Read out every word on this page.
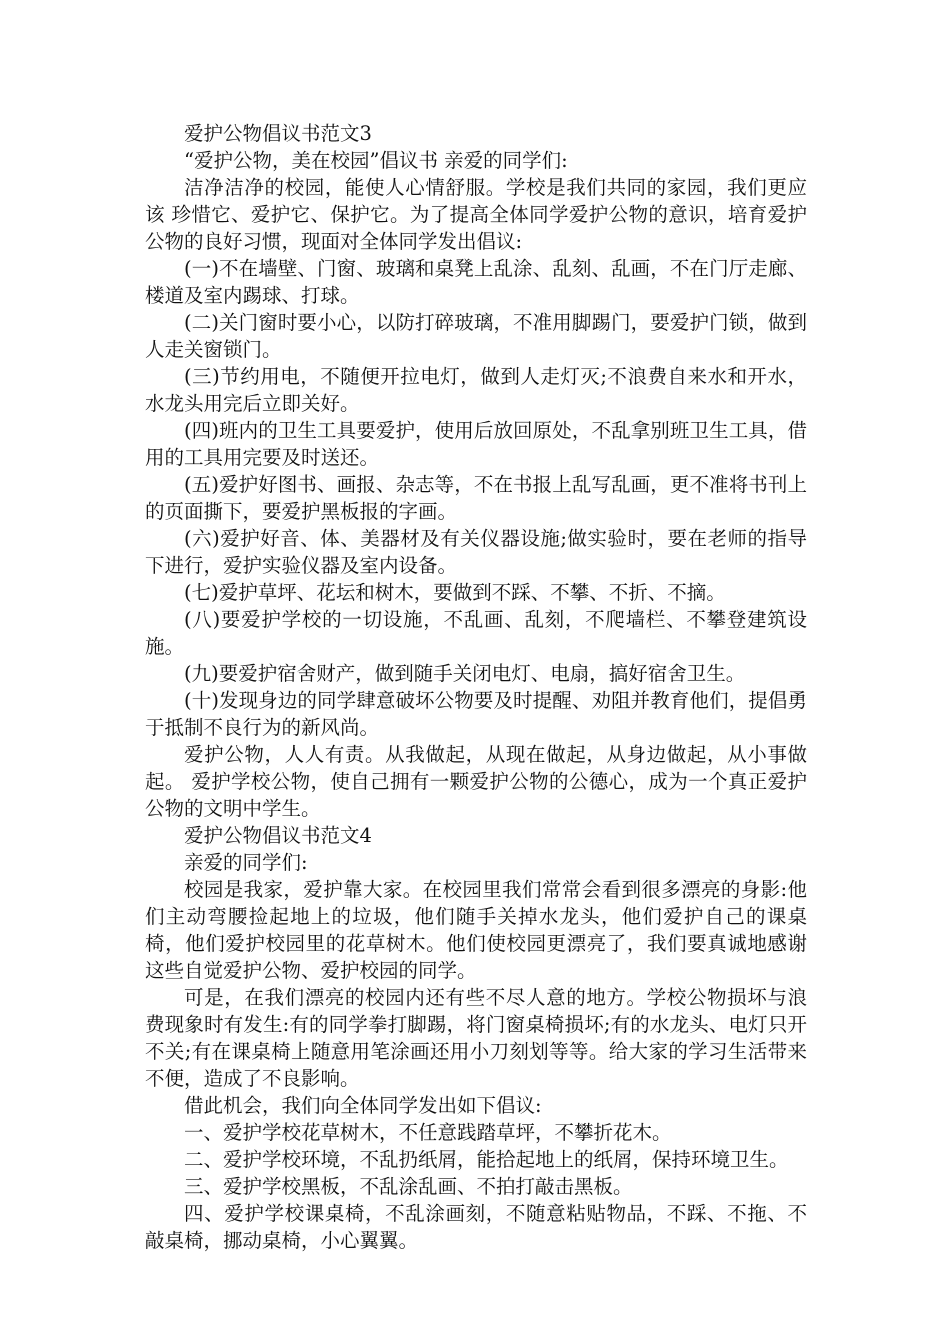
爱护公物倡议书范文3

“爱护公物，美在校园”倡议书 亲爱的同学们:

洁净洁净的校园，能使人心情舒服。学校是我们共同的家园，我们更应该 珍惜它、爱护它、保护它。为了提高全体同学爱护公物的意识，培育爱护公物的良好习惯，现面对全体同学发出倡议:

(一)不在墙壁、门窗、玻璃和桌凳上乱涂、乱刻、乱画，不在门厅走廊、楼道及室内踢球、打球。

(二)关门窗时要小心，以防打碎玻璃，不准用脚踢门，要爱护门锁，做到人走关窗锁门。

(三)节约用电，不随便开拉电灯，做到人走灯灭;不浪费自来水和开水，水龙头用完后立即关好。

(四)班内的卫生工具要爱护，使用后放回原处，不乱拿别班卫生工具，借用的工具用完要及时送还。

(五)爱护好图书、画报、杂志等，不在书报上乱写乱画，更不准将书刊上的页面撕下，要爱护黑板报的字画。

(六)爱护好音、体、美器材及有关仪器设施;做实验时，要在老师的指导下进行，爱护实验仪器及室内设备。

(七)爱护草坪、花坛和树木，要做到不踩、不攀、不折、不摘。

(八)要爱护学校的一切设施，不乱画、乱刻，不爬墙栏、不攀登建筑设施。

(九)要爱护宿舍财产，做到随手关闭电灯、电扇，搞好宿舍卫生。

(十)发现身边的同学肆意破坏公物要及时提醒、劝阻并教育他们，提倡勇于抵制不良行为的新风尚。

爱护公物，人人有责。从我做起，从现在做起，从身边做起，从小事做起。 爱护学校公物，使自己拥有一颗爱护公物的公德心，成为一个真正爱护公物的文明中学生。

爱护公物倡议书范文4

亲爱的同学们:

校园是我家，爱护靠大家。在校园里我们常常会看到很多漂亮的身影:他们主动弯腰捡起地上的垃圾，他们随手关掉水龙头，他们爱护自己的课桌椅，他们爱护校园里的花草树木。他们使校园更漂亮了，我们要真诚地感谢这些自觉爱护公物、爱护校园的同学。

可是，在我们漂亮的校园内还有些不尽人意的地方。学校公物损坏与浪费现象时有发生:有的同学拳打脚踢，将门窗桌椅损坏;有的水龙头、电灯只开不关;有在课桌椅上随意用笔涂画还用小刀刻划等等。给大家的学习生活带来不便，造成了不良影响。

借此机会，我们向全体同学发出如下倡议:

一、爱护学校花草树木，不任意践踏草坪，不攀折花木。

二、爱护学校环境，不乱扔纸屑，能拾起地上的纸屑，保持环境卫生。

三、爱护学校黑板，不乱涂乱画、不拍打敲击黑板。

四、爱护学校课桌椅，不乱涂画刻，不随意粘贴物品，不踩、不拖、不敲桌椅，挪动桌椅，小心翼翼。
